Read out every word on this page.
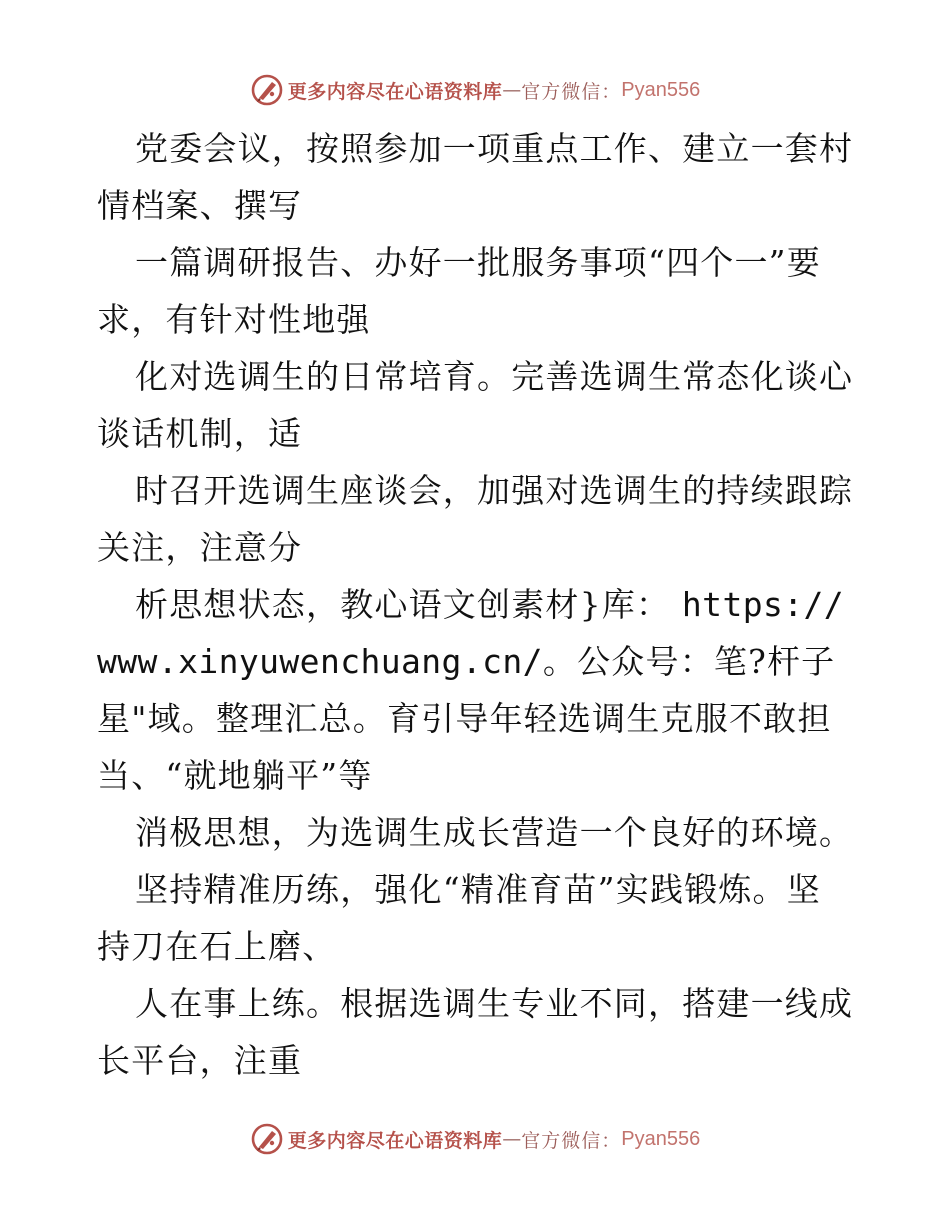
更多内容尽在心语资料库 — 官方微信： Pyan556
党委会议，按照参加一项重点工作、建立一套村
情档案、撰写
一篇调研报告、办好一批服务事项“四个一”要
求，有针对性地强
化对选调生的日常培育。完善选调生常态化谈心
谈话机制，适
时召开选调生座谈会，加强对选调生的持续跟踪
关注，注意分
析思想状态，教心语文创素材}库： https://
www.xinyuwenchuang.cn/。公众号：笔?杆子
星"域。整理汇总。育引导年轻选调生克服不敢担
当、“就地躺平”等
消极思想，为选调生成长营造一个良好的环境。
坚持精准历练，强化“精准育苗”实践锻炼。坚
持刀在石上磨、
人在事上练。根据选调生专业不同，搭建一线成
长平台，注重
更多内容尽在心语资料库 — 官方微信： Pyan556
